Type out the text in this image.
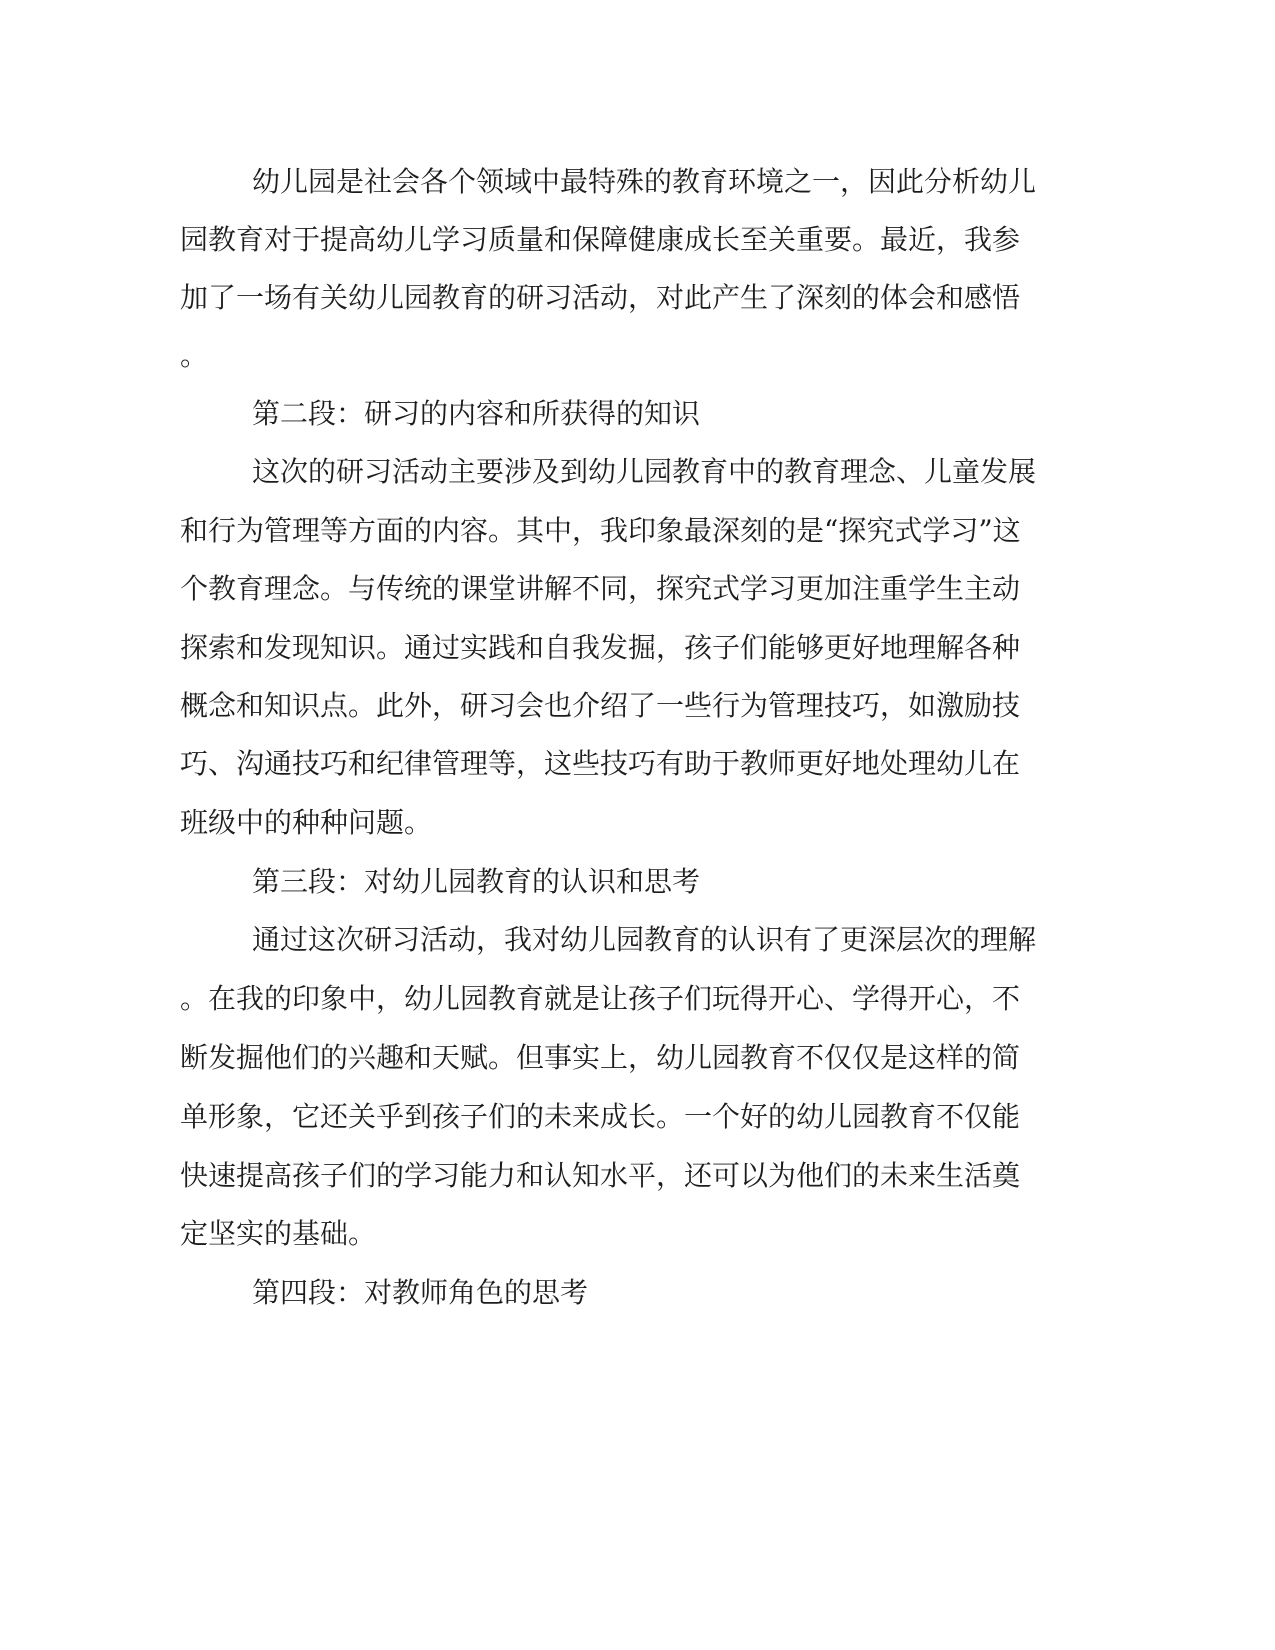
幼儿园是社会各个领域中最特殊的教育环境之一，因此分析幼儿

园教育对于提高幼儿学习质量和保障健康成长至关重要。最近，我参

加了一场有关幼儿园教育的研习活动，对此产生了深刻的体会和感悟

。

第二段：研习的内容和所获得的知识

这次的研习活动主要涉及到幼儿园教育中的教育理念、儿童发展

和行为管理等方面的内容。其中，我印象最深刻的是“探究式学习”这

个教育理念。与传统的课堂讲解不同，探究式学习更加注重学生主动

探索和发现知识。通过实践和自我发掘，孩子们能够更好地理解各种

概念和知识点。此外，研习会也介绍了一些行为管理技巧，如激励技

巧、沟通技巧和纪律管理等，这些技巧有助于教师更好地处理幼儿在

班级中的种种问题。

第三段：对幼儿园教育的认识和思考

通过这次研习活动，我对幼儿园教育的认识有了更深层次的理解

。在我的印象中，幼儿园教育就是让孩子们玩得开心、学得开心，不

断发掘他们的兴趣和天赋。但事实上，幼儿园教育不仅仅是这样的简

单形象，它还关乎到孩子们的未来成长。一个好的幼儿园教育不仅能

快速提高孩子们的学习能力和认知水平，还可以为他们的未来生活奠

定坚实的基础。

第四段：对教师角色的思考
